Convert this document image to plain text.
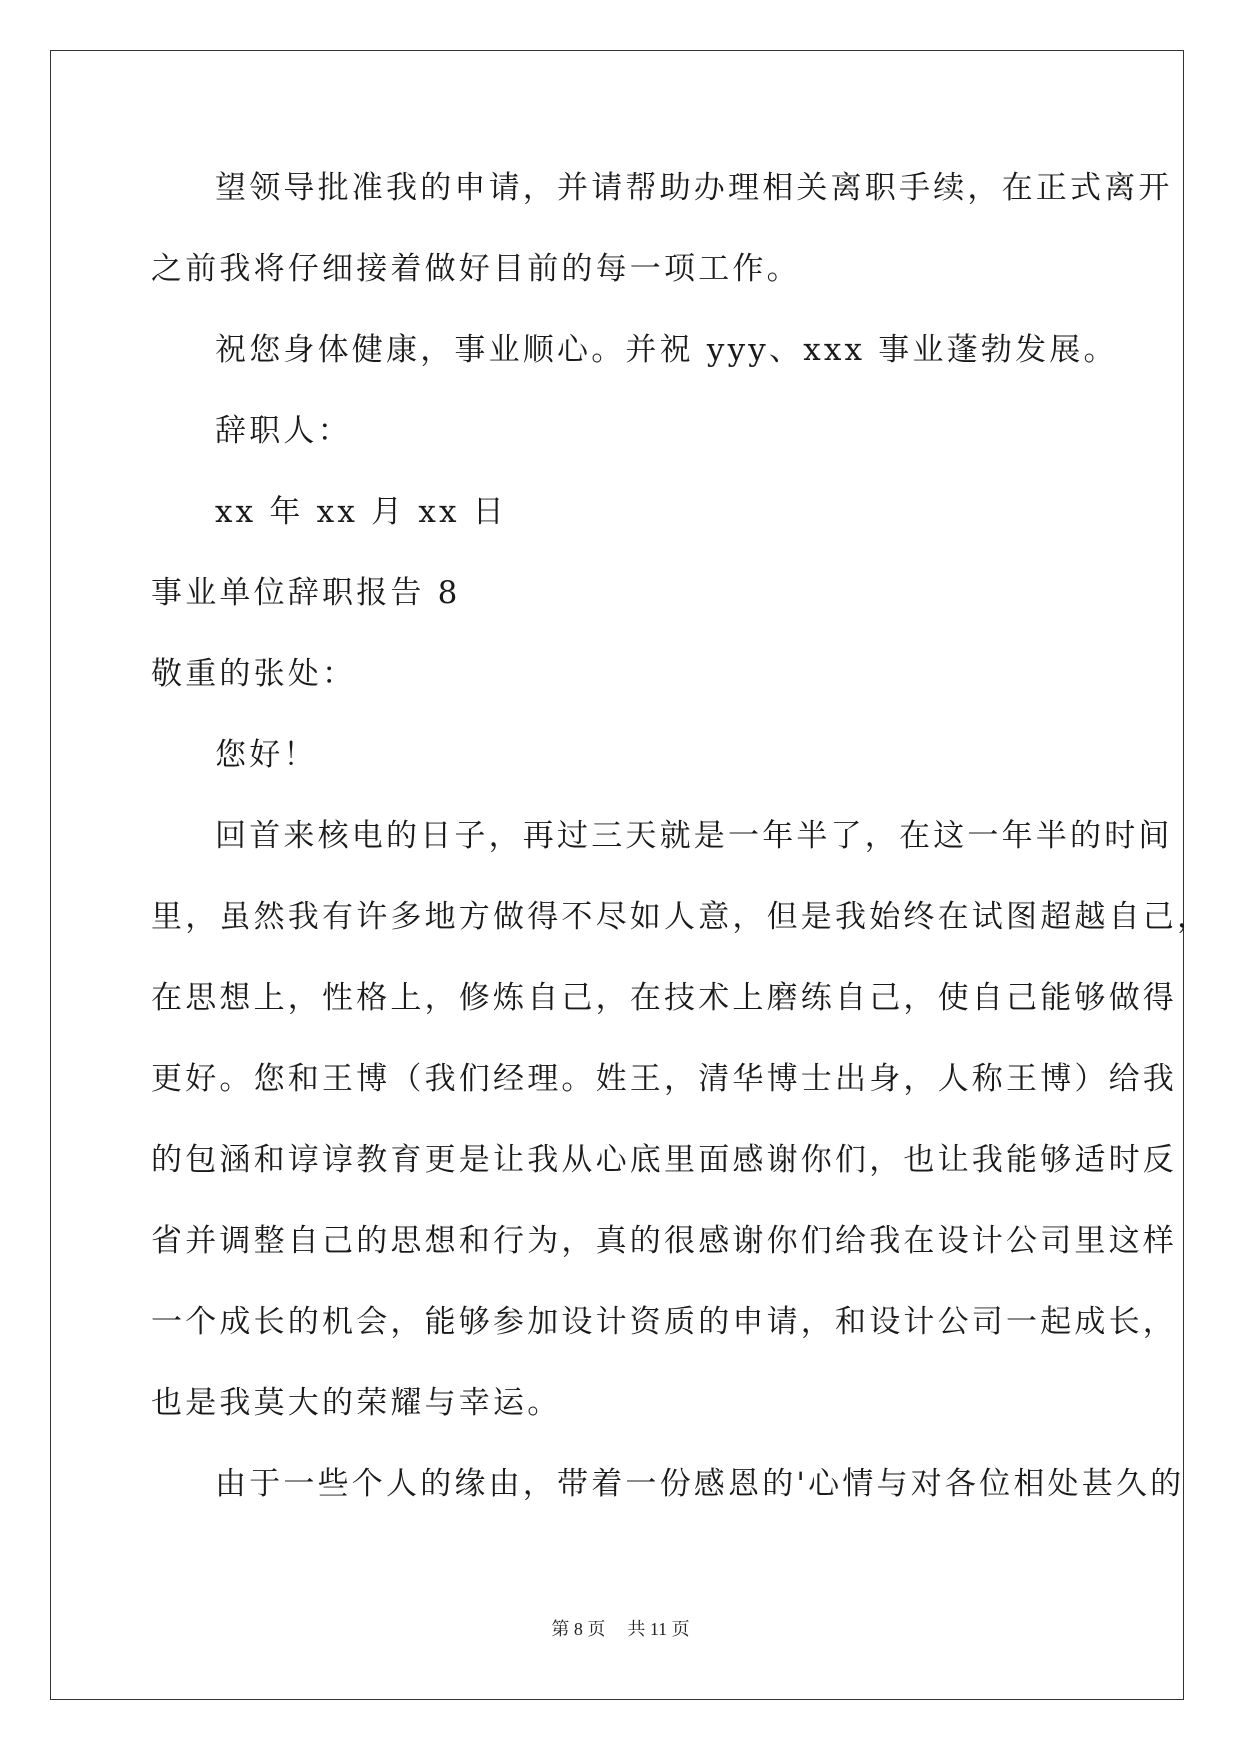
望领导批准我的申请，并请帮助办理相关离职手续，在正式离开
之前我将仔细接着做好目前的每一项工作。
祝您身体健康，事业顺心。并祝 yyy、xxx 事业蓬勃发展。
辞职人：
xx 年 xx 月 xx 日
事业单位辞职报告 8
敬重的张处：
您好！
回首来核电的日子，再过三天就是一年半了，在这一年半的时间
里，虽然我有许多地方做得不尽如人意，但是我始终在试图超越自己，
在思想上，性格上，修炼自己，在技术上磨练自己，使自己能够做得
更好。您和王博（我们经理。姓王，清华博士出身，人称王博）给我
的包涵和谆谆教育更是让我从心底里面感谢你们，也让我能够适时反
省并调整自己的思想和行为，真的很感谢你们给我在设计公司里这样
一个成长的机会，能够参加设计资质的申请，和设计公司一起成长，
也是我莫大的荣耀与幸运。
由于一些个人的缘由，带着一份感恩的'心情与对各位相处甚久的
第 8 页 共 11 页
